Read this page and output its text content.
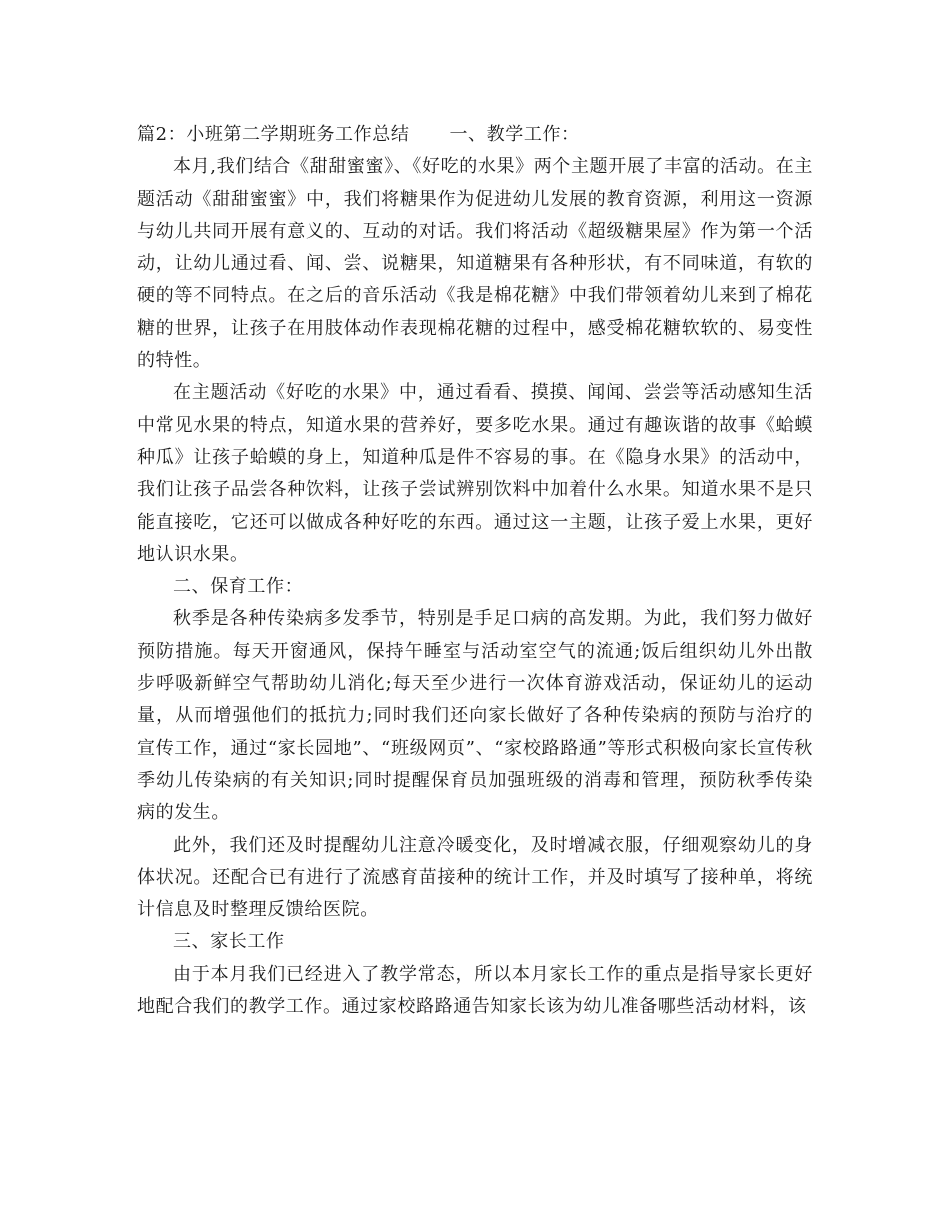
篇2：小班第二学期班务工作总结 一、教学工作：

本月,我们结合《甜甜蜜蜜》、《好吃的水果》两个主题开展了丰富的活动。在主题活动《甜甜蜜蜜》中，我们将糖果作为促进幼儿发展的教育资源，利用这一资源与幼儿共同开展有意义的、互动的对话。我们将活动《超级糖果屋》作为第一个活动，让幼儿通过看、闻、尝、说糖果，知道糖果有各种形状，有不同味道，有软的硬的等不同特点。在之后的音乐活动《我是棉花糖》中我们带领着幼儿来到了棉花糖的世界，让孩子在用肢体动作表现棉花糖的过程中，感受棉花糖软软的、易变性的特性。

在主题活动《好吃的水果》中，通过看看、摸摸、闻闻、尝尝等活动感知生活中常见水果的特点，知道水果的营养好，要多吃水果。通过有趣诙谐的故事《蛤蟆种瓜》让孩子蛤蟆的身上，知道种瓜是件不容易的事。在《隐身水果》的活动中，我们让孩子品尝各种饮料，让孩子尝试辨别饮料中加着什么水果。知道水果不是只能直接吃，它还可以做成各种好吃的东西。通过这一主题，让孩子爱上水果，更好地认识水果。

二、保育工作：

秋季是各种传染病多发季节，特别是手足口病的高发期。为此，我们努力做好预防措施。每天开窗通风，保持午睡室与活动室空气的流通;饭后组织幼儿外出散步呼吸新鲜空气帮助幼儿消化;每天至少进行一次体育游戏活动，保证幼儿的运动量，从而增强他们的抵抗力;同时我们还向家长做好了各种传染病的预防与治疗的宣传工作，通过“家长园地”、“班级网页”、“家校路路通”等形式积极向家长宣传秋季幼儿传染病的有关知识;同时提醒保育员加强班级的消毒和管理，预防秋季传染病的发生。

此外，我们还及时提醒幼儿注意冷暖变化，及时增减衣服，仔细观察幼儿的身体状况。还配合已有进行了流感育苗接种的统计工作，并及时填写了接种单，将统计信息及时整理反馈给医院。

三、家长工作

由于本月我们已经进入了教学常态，所以本月家长工作的重点是指导家长更好地配合我们的教学工作。通过家校路路通告知家长该为幼儿准备哪些活动材料，该
